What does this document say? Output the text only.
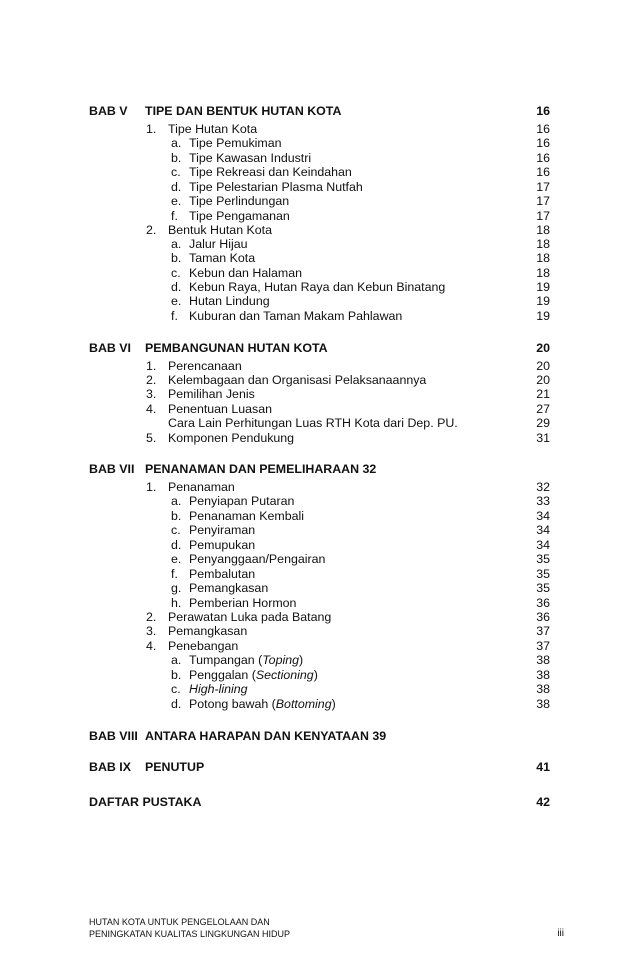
BAB V TIPE DAN BENTUK HUTAN KOTA	16
1. Tipe Hutan Kota	16
a. Tipe Pemukiman	16
b. Tipe Kawasan Industri	16
c. Tipe Rekreasi dan Keindahan	16
d. Tipe Pelestarian Plasma Nutfah	17
e. Tipe Perlindungan	17
f. Tipe Pengamanan	17
2. Bentuk Hutan Kota	18
a. Jalur Hijau	18
b. Taman Kota	18
c. Kebun dan Halaman	18
d. Kebun Raya, Hutan Raya dan Kebun Binatang	19
e. Hutan Lindung	19
f. Kuburan dan Taman Makam Pahlawan	19
BAB VI PEMBANGUNAN HUTAN KOTA	20
1. Perencanaan	20
2. Kelembagaan dan Organisasi Pelaksanaannya	20
3. Pemilihan Jenis	21
4. Penentuan Luasan	27
Cara Lain Perhitungan Luas RTH Kota dari Dep. PU.	29
5. Komponen Pendukung	31
BAB VII PENANAMAN DAN PEMELIHARAAN 32
1. Penanaman	32
a. Penyiapan Putaran	33
b. Penanaman Kembali	34
c. Penyiraman	34
d. Pemupukan	34
e. Penyanggaan/Pengairan	35
f. Pembalutan	35
g. Pemangkasan	35
h. Pemberian Hormon	36
2. Perawatan Luka pada Batang	36
3. Pemangkasan	37
4. Penebangan	37
a. Tumpangan (Toping)	38
b. Penggalan (Sectioning)	38
c. High-lining	38
d. Potong bawah (Bottoming)	38
BAB VIII ANTARA HARAPAN DAN KENYATAAN 39
BAB IX PENUTUP	41
DAFTAR PUSTAKA	42
HUTAN KOTA UNTUK PENGELOLAAN DAN
PENINGKATAN KUALITAS LINGKUNGAN HIDUP	iii
